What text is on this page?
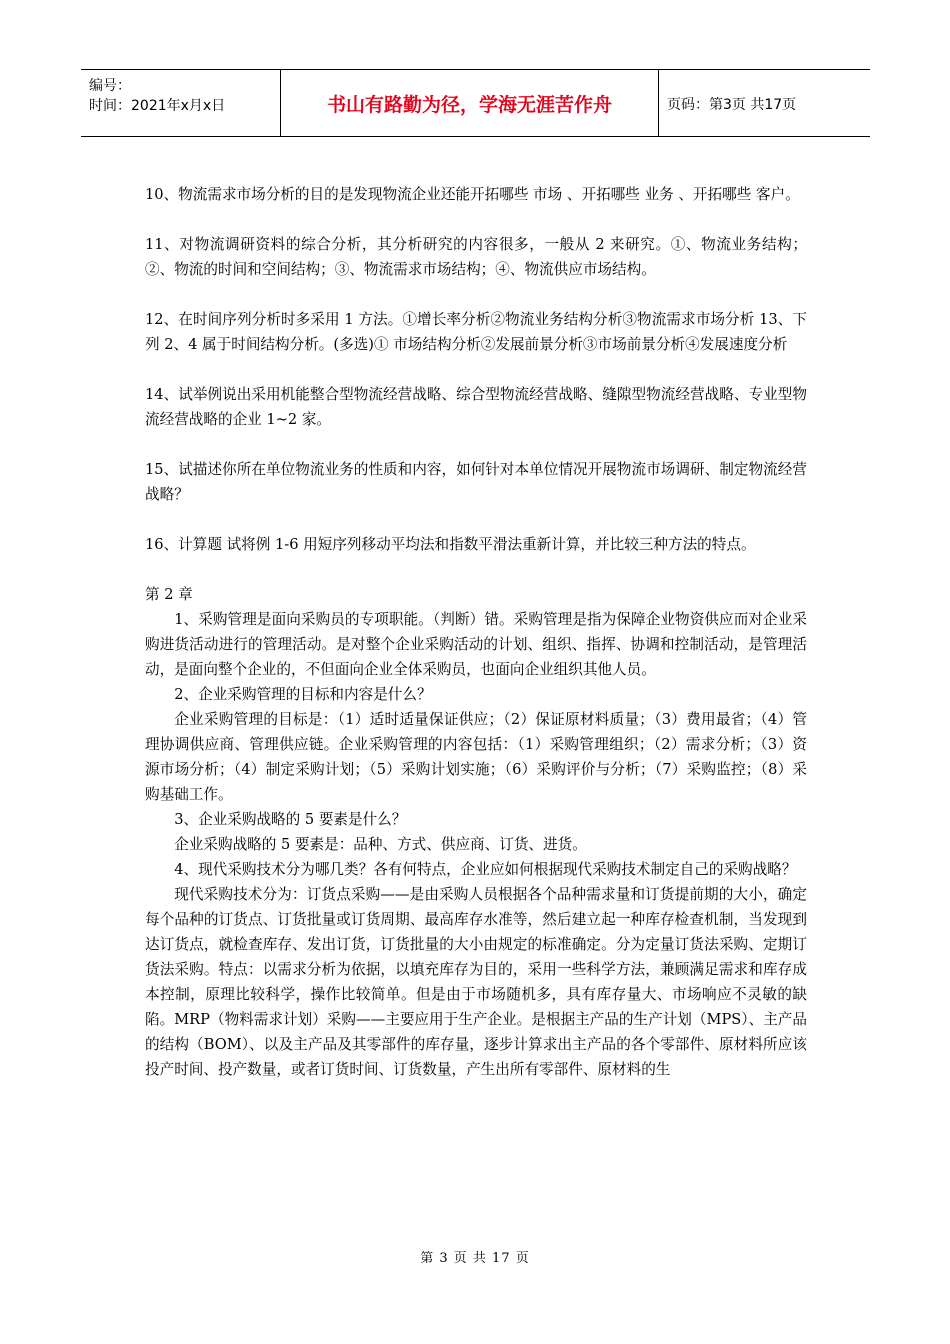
编号：
时间：2021年x月x日	书山有路勤为径，学海无涯苦作舟	页码：第3页 共17页

10、物流需求市场分析的目的是发现物流企业还能开拓哪些 市场 、开拓哪些 业务 、开拓哪些 客户。

11、对物流调研资料的综合分析，其分析研究的内容很多，一般从 2 来研究。①、物流业务结构；②、物流的时间和空间结构；③、物流需求市场结构；④、物流供应市场结构。

12、在时间序列分析时多采用 1 方法。①增长率分析②物流业务结构分析③物流需求市场分析 13、下列 2、4 属于时间结构分析。(多选)① 市场结构分析②发展前景分析③市场前景分析④发展速度分析

14、试举例说出采用机能整合型物流经营战略、综合型物流经营战略、缝隙型物流经营战略、专业型物流经营战略的企业 1~2 家。

15、试描述你所在单位物流业务的性质和内容，如何针对本单位情况开展物流市场调研、制定物流经营战略？

16、计算题 试将例 1-6 用短序列移动平均法和指数平滑法重新计算，并比较三种方法的特点。

第 2 章

1、采购管理是面向采购员的专项职能。（判断）错。采购管理是指为保障企业物资供应而对企业采购进货活动进行的管理活动。是对整个企业采购活动的计划、组织、指挥、协调和控制活动，是管理活动，是面向整个企业的，不但面向企业全体采购员，也面向企业组织其他人员。

2、企业采购管理的目标和内容是什么？

企业采购管理的目标是：（1）适时适量保证供应；（2）保证原材料质量；（3）费用最省；（4）管理协调供应商、管理供应链。企业采购管理的内容包括：（1）采购管理组织；（2）需求分析；（3）资源市场分析；（4）制定采购计划；（5）采购计划实施；（6）采购评价与分析；（7）采购监控；（8）采购基础工作。

3、企业采购战略的 5 要素是什么？

企业采购战略的 5 要素是：品种、方式、供应商、订货、进货。

4、现代采购技术分为哪几类？各有何特点，企业应如何根据现代采购技术制定自己的采购战略？

现代采购技术分为：订货点采购——是由采购人员根据各个品种需求量和订货提前期的大小，确定每个品种的订货点、订货批量或订货周期、最高库存水准等，然后建立起一种库存检查机制，当发现到达订货点，就检查库存、发出订货，订货批量的大小由规定的标准确定。分为定量订货法采购、定期订货法采购。特点：以需求分析为依据，以填充库存为目的，采用一些科学方法，兼顾满足需求和库存成本控制，原理比较科学，操作比较简单。但是由于市场随机多，具有库存量大、市场响应不灵敏的缺陷。MRP（物料需求计划）采购——主要应用于生产企业。是根据主产品的生产计划（MPS）、主产品的结构（BOM）、以及主产品及其零部件的库存量，逐步计算求出主产品的各个零部件、原材料所应该投产时间、投产数量，或者订货时间、订货数量，产生出所有零部件、原材料的生

第 3 页 共 17 页
